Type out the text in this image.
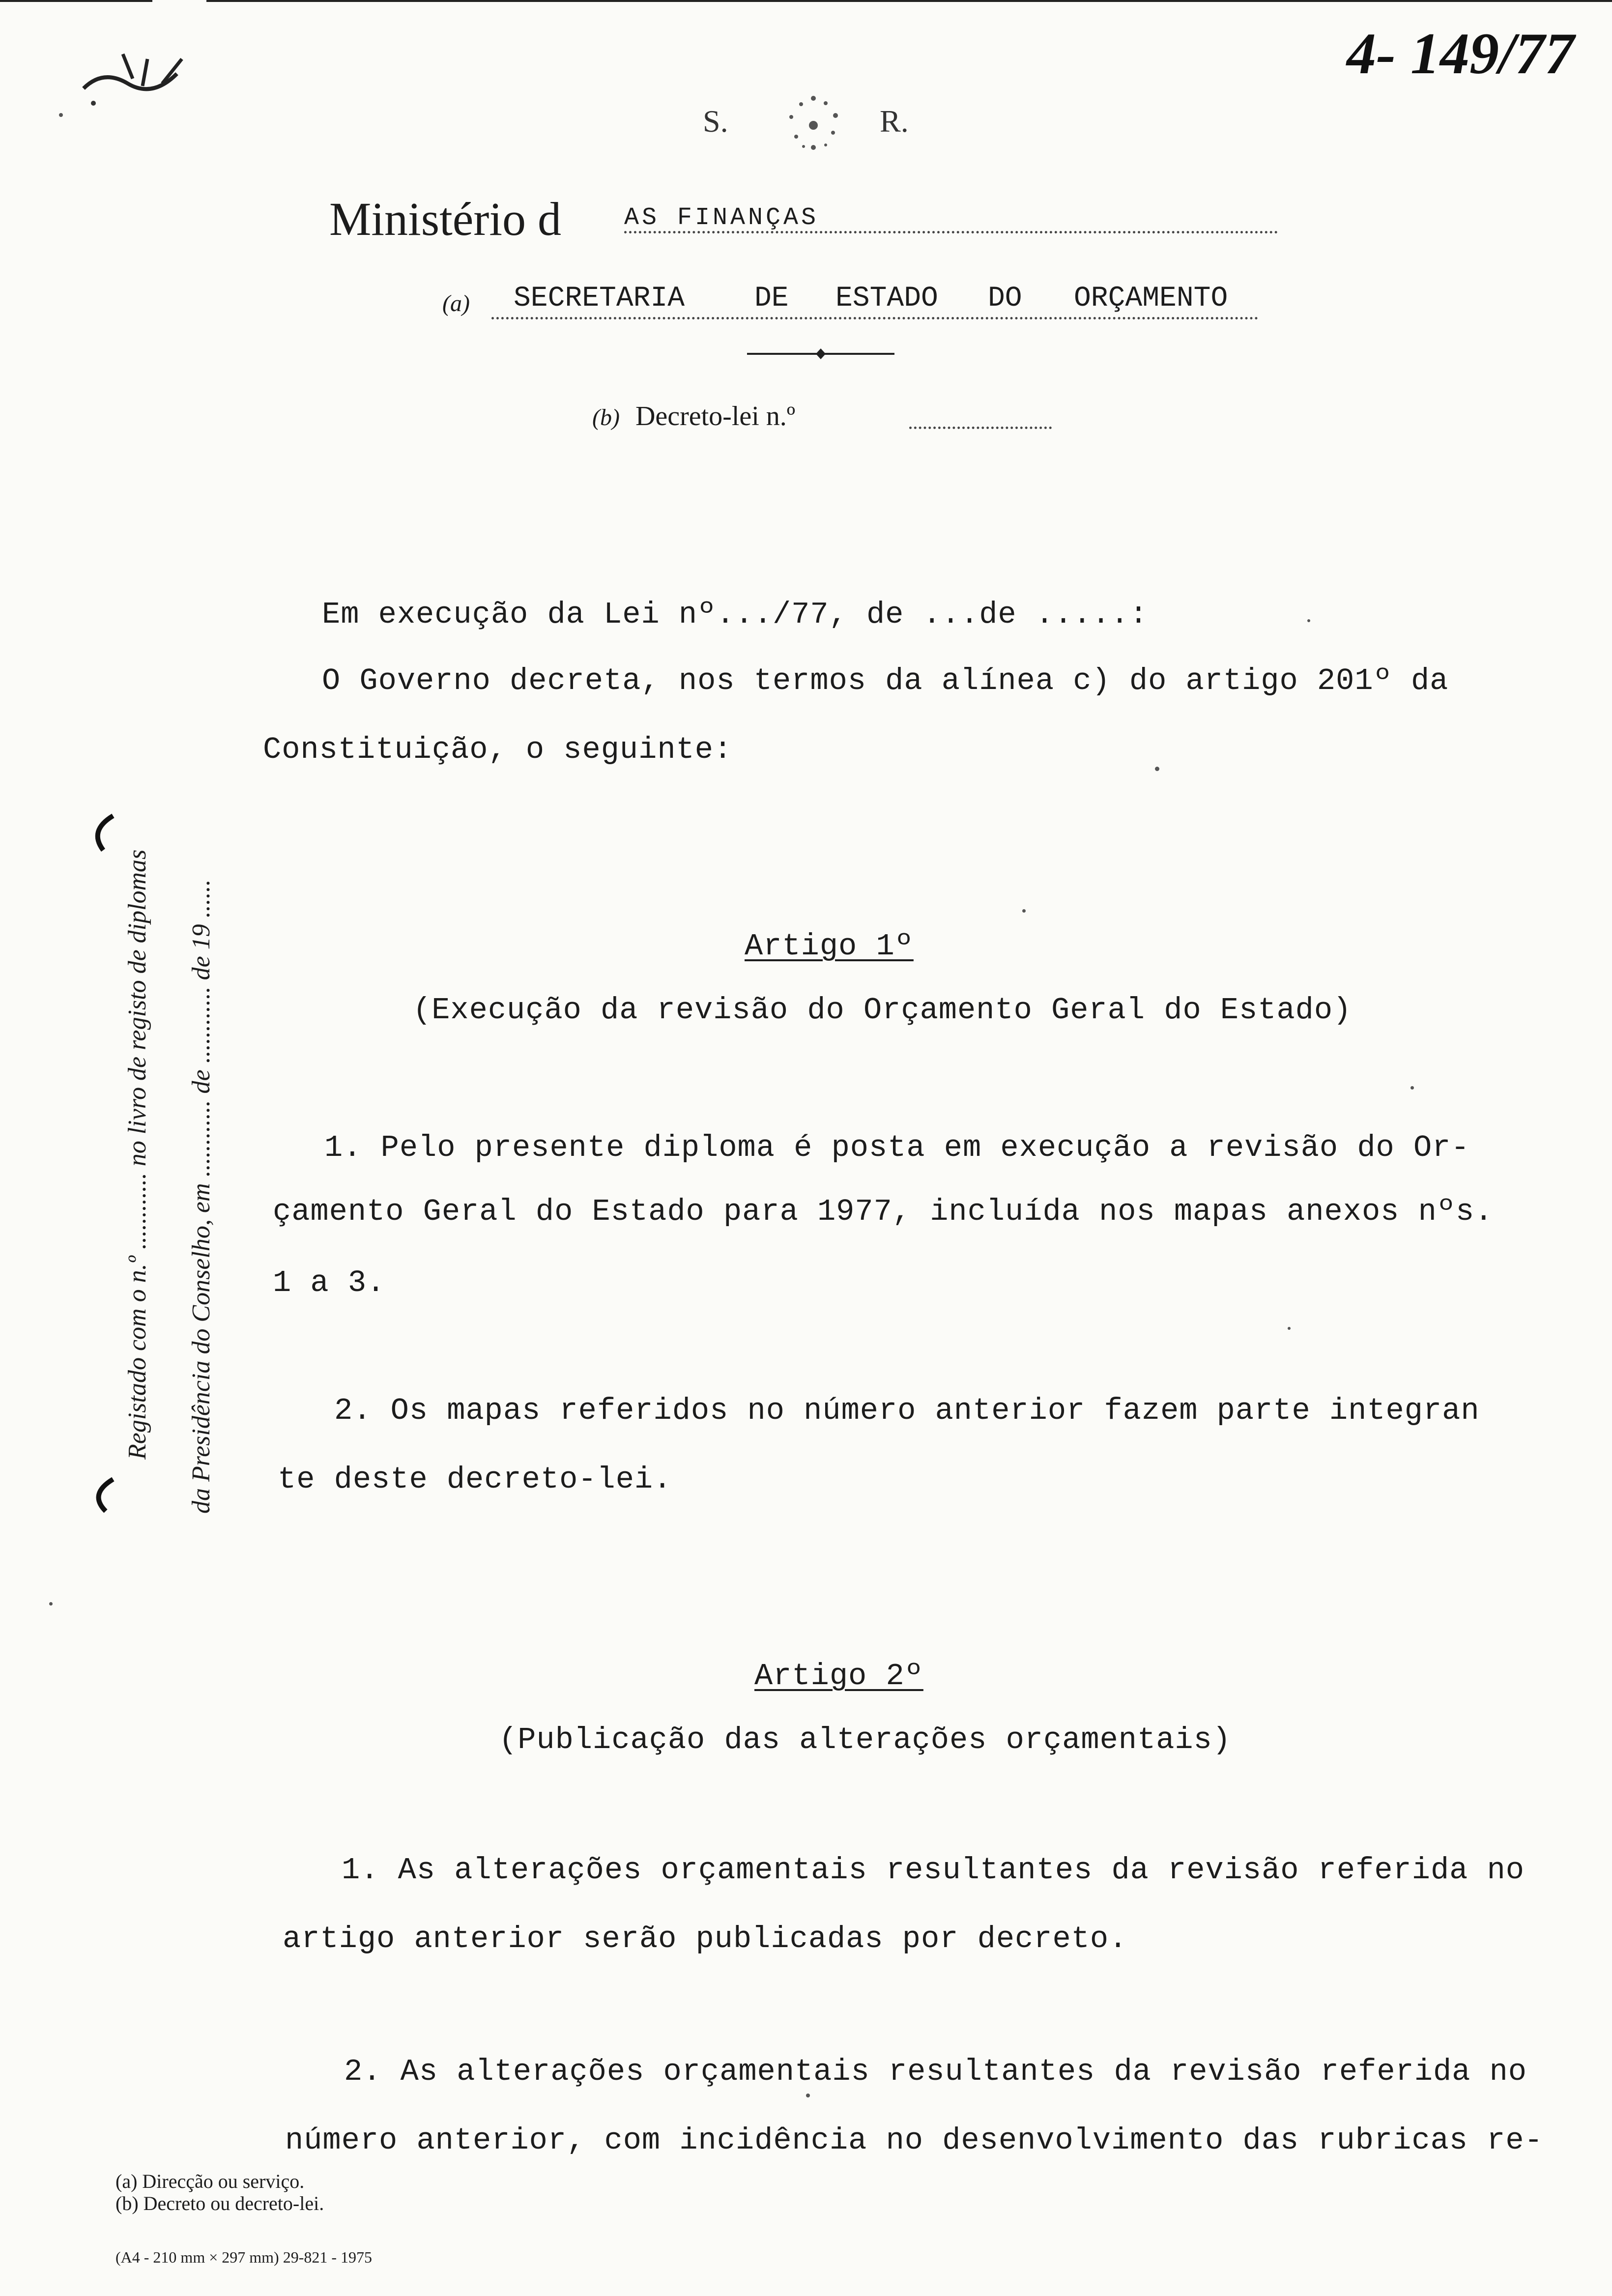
4- 149/77
S.	R.
Ministério d	AS FINANÇAS
(a) SECRETARIA DE ESTADO DO ORÇAMENTO
(b) Decreto-lei n.º
Registado com o n.º ............ no livro de registo de diplomas da Presidência do Conselho, em ............ de ............ de 19 ......
Em execução da Lei nº.../77, de ...de .....:
O Governo decreta, nos termos da alínea c) do artigo 201º da
Constituição, o seguinte:
Artigo 1º
(Execução da revisão do Orçamento Geral do Estado)
1. Pelo presente diploma é posta em execução a revisão do Or-
çamento Geral do Estado para 1977, incluída nos mapas anexos nºs.
1 a 3.
2. Os mapas referidos no número anterior fazem parte integran
te deste decreto-lei.
Artigo 2º
(Publicação das alterações orçamentais)
1. As alterações orçamentais resultantes da revisão referida no
artigo anterior serão publicadas por decreto.
2. As alterações orçamentais resultantes da revisão referida no
número anterior, com incidência no desenvolvimento das rubricas re-
(a) Direcção ou serviço.
(b) Decreto ou decreto-lei.
(A4 - 210 mm × 297 mm) 29-821 - 1975
